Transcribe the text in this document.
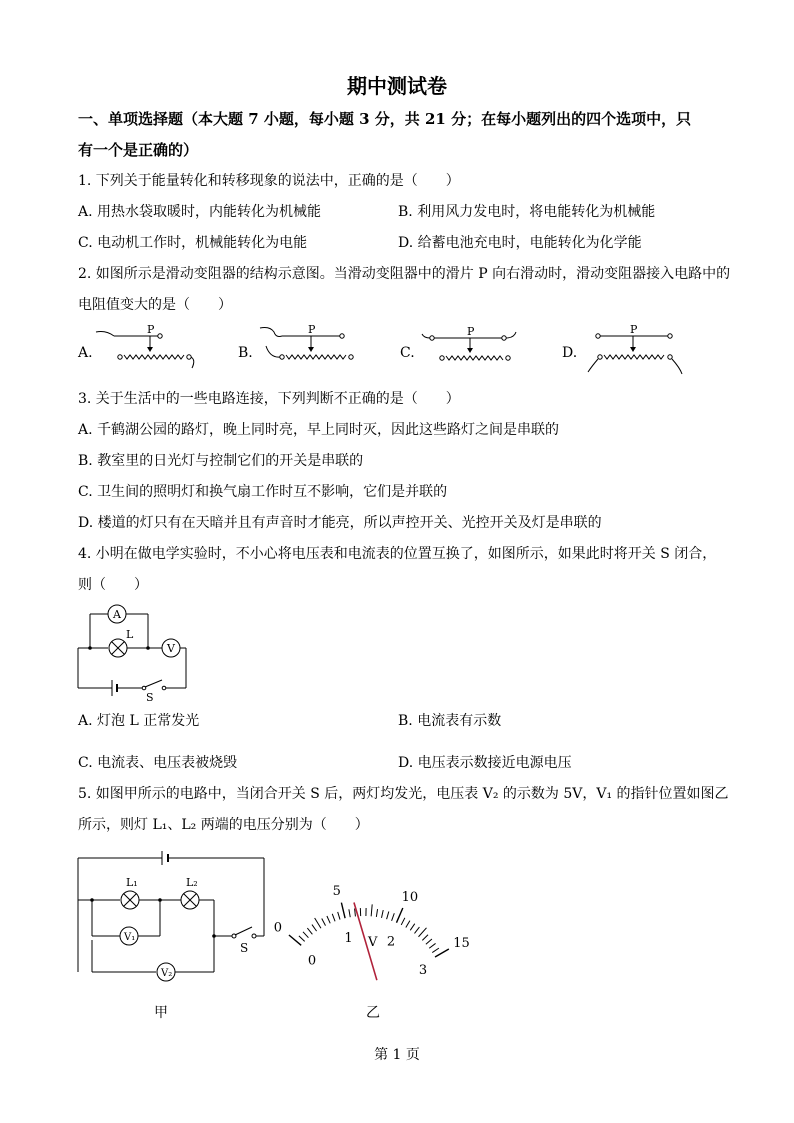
期中测试卷
一、单项选择题（本大题 7 小题，每小题 3 分，共 21 分；在每小题列出的四个选项中，只
有一个是正确的）
1. 下列关于能量转化和转移现象的说法中，正确的是（　　）
A. 用热水袋取暖时，内能转化为机械能	B. 利用风力发电时，将电能转化为机械能
C. 电动机工作时，机械能转化为电能	D. 给蓄电池充电时，电能转化为化学能
2. 如图所示是滑动变阻器的结构示意图。当滑动变阻器中的滑片 P 向右滑动时，滑动变阻器接入电路中的
电阻值变大的是（　　）
A.	B.	C.	D.
P	P	P	P
3. 关于生活中的一些电路连接，下列判断不正确的是（　　）
A. 千鹤湖公园的路灯，晚上同时亮，早上同时灭，因此这些路灯之间是串联的
B. 教室里的日光灯与控制它们的开关是串联的
C. 卫生间的照明灯和换气扇工作时互不影响，它们是并联的
D. 楼道的灯只有在天暗并且有声音时才能亮，所以声控开关、光控开关及灯是串联的
4. 小明在做电学实验时，不小心将电压表和电流表的位置互换了，如图所示，如果此时将开关 S 闭合，
则（　　）
A
L
V
S
A. 灯泡 L 正常发光	B. 电流表有示数
C. 电流表、电压表被烧毁	D. 电压表示数接近电源电压
5. 如图甲所示的电路中，当闭合开关 S 后，两灯均发光，电压表 V₂ 的示数为 5V，V₁ 的指针位置如图乙
所示，则灯 L₁、L₂ 两端的电压分别为（　　）
L₁	L₂
V₁
S
V₂
甲
0
5	10
15
0
1	2
3
V
乙
第 1 页
